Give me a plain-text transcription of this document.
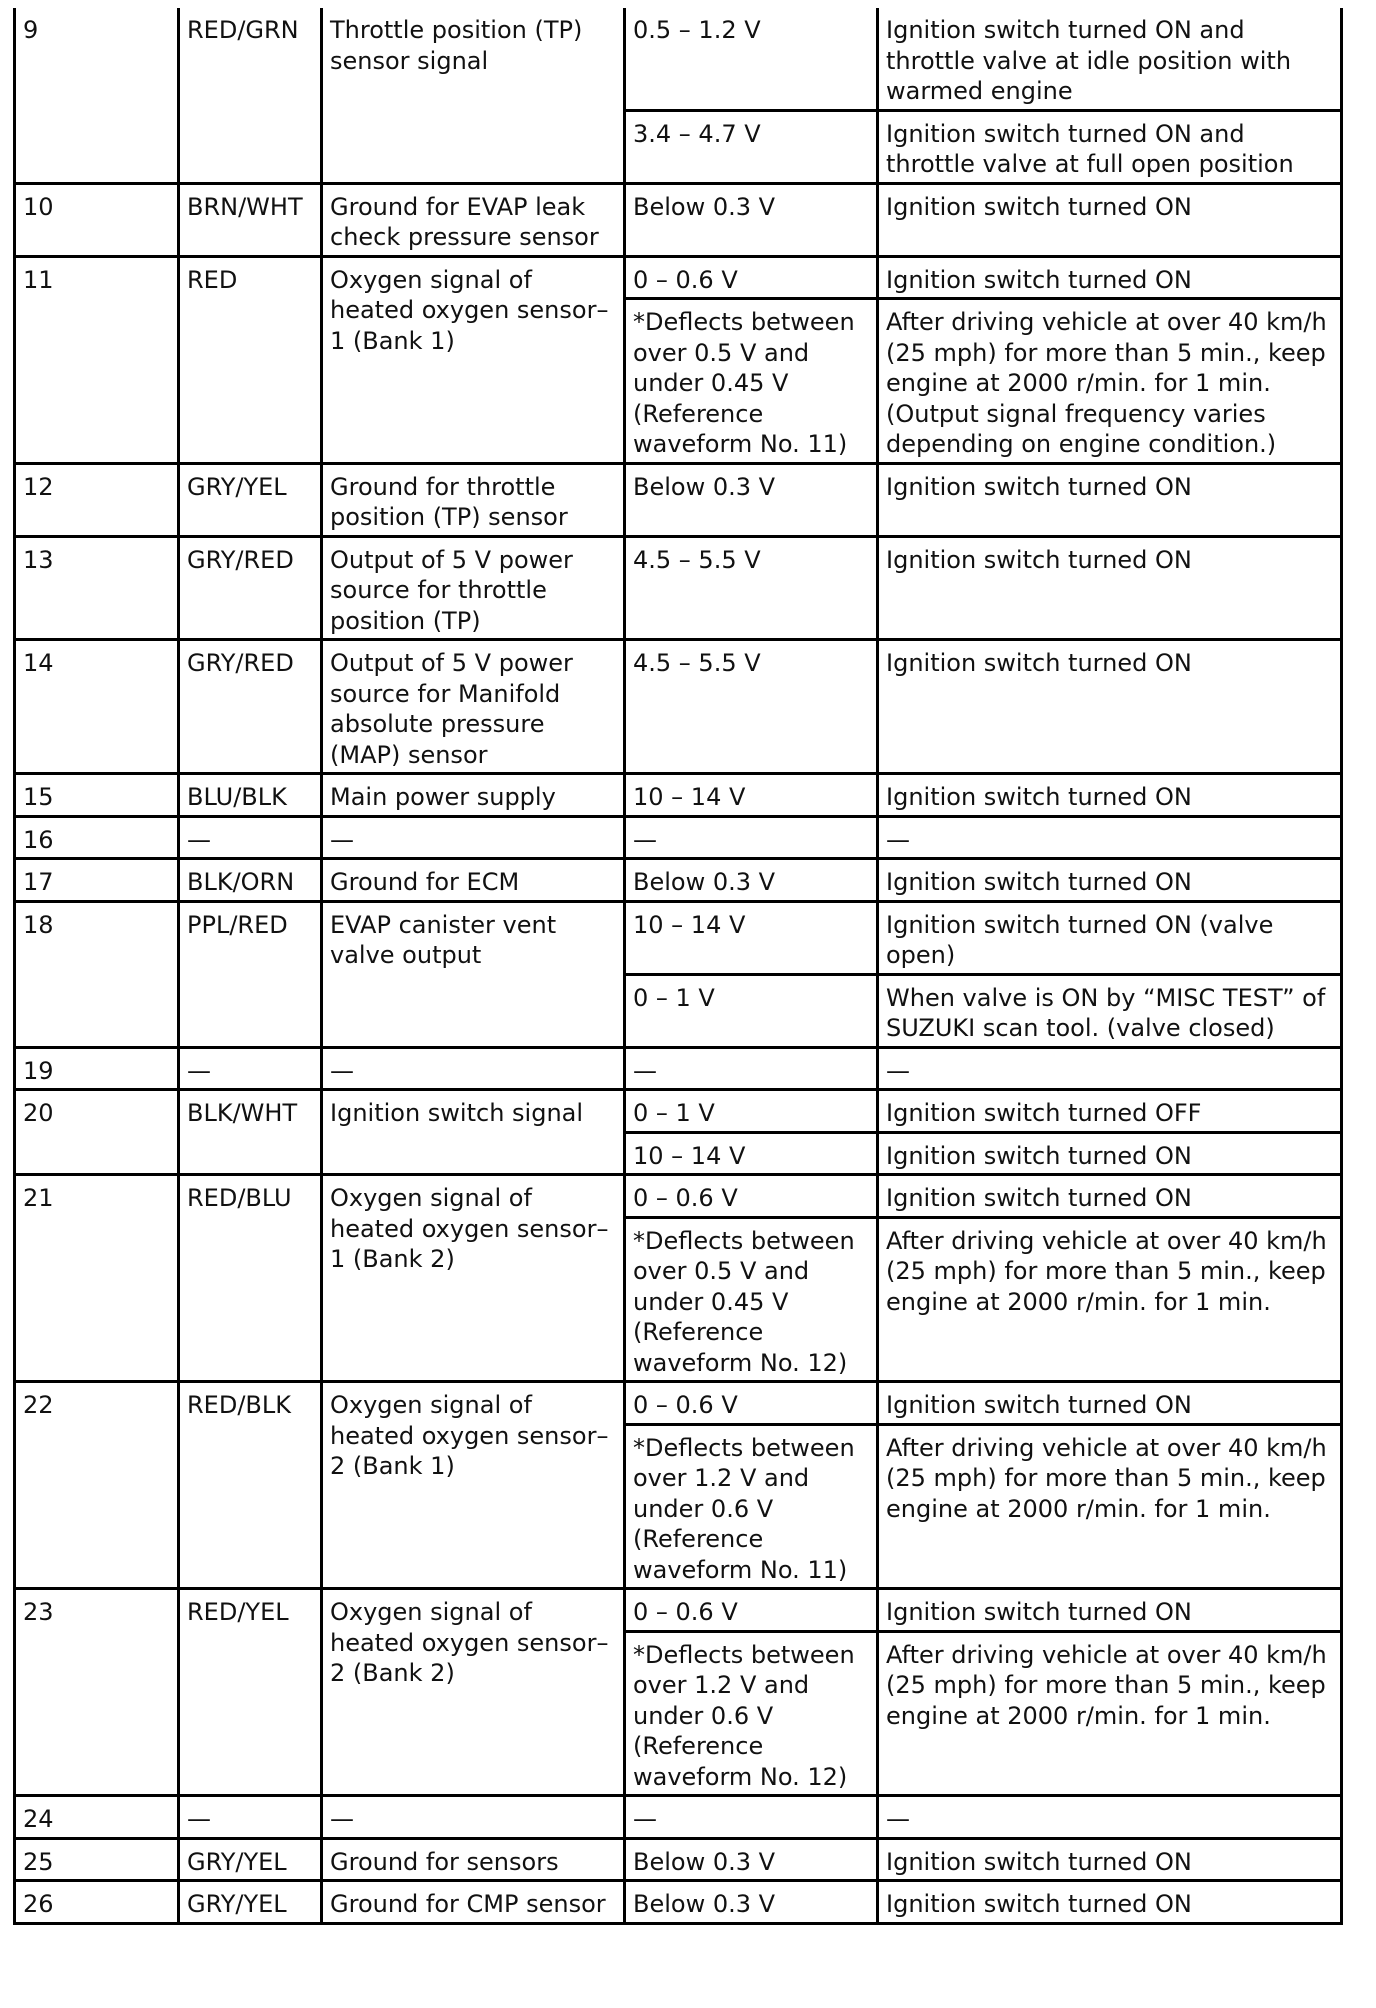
9	RED/GRN	Throttle position (TP) sensor signal	0.5 – 1.2 V	Ignition switch turned ON and throttle valve at idle position with warmed engine

			3.4 – 4.7 V	Ignition switch turned ON and throttle valve at full open position

10	BRN/WHT	Ground for EVAP leak check pressure sensor	Below 0.3 V	Ignition switch turned ON

11	RED	Oxygen signal of heated oxygen sensor–1 (Bank 1)	0 – 0.6 V	Ignition switch turned ON

			*Deflects between over 0.5 V and under 0.45 V (Reference waveform No. 11)	After driving vehicle at over 40 km/h (25 mph) for more than 5 min., keep engine at 2000 r/min. for 1 min.
(Output signal frequency varies depending on engine condition.)

12	GRY/YEL	Ground for throttle position (TP) sensor	Below 0.3 V	Ignition switch turned ON

13	GRY/RED	Output of 5 V power source for throttle position (TP)	4.5 – 5.5 V	Ignition switch turned ON

14	GRY/RED	Output of 5 V power source for Manifold absolute pressure (MAP) sensor	4.5 – 5.5 V	Ignition switch turned ON

15	BLU/BLK	Main power supply	10 – 14 V	Ignition switch turned ON

16	—	—	—	—

17	BLK/ORN	Ground for ECM	Below 0.3 V	Ignition switch turned ON

18	PPL/RED	EVAP canister vent valve output	10 – 14 V	Ignition switch turned ON (valve open)

			0 – 1 V	When valve is ON by “MISC TEST” of SUZUKI scan tool. (valve closed)

19	—	—	—	—

20	BLK/WHT	Ignition switch signal	0 – 1 V	Ignition switch turned OFF

			10 – 14 V	Ignition switch turned ON

21	RED/BLU	Oxygen signal of heated oxygen sensor–1 (Bank 2)	0 – 0.6 V	Ignition switch turned ON

			*Deflects between over 0.5 V and under 0.45 V (Reference waveform No. 12)	After driving vehicle at over 40 km/h (25 mph) for more than 5 min., keep engine at 2000 r/min. for 1 min.

22	RED/BLK	Oxygen signal of heated oxygen sensor–2 (Bank 1)	0 – 0.6 V	Ignition switch turned ON

			*Deflects between over 1.2 V and under 0.6 V (Reference waveform No. 11)	After driving vehicle at over 40 km/h (25 mph) for more than 5 min., keep engine at 2000 r/min. for 1 min.

23	RED/YEL	Oxygen signal of heated oxygen sensor–2 (Bank 2)	0 – 0.6 V	Ignition switch turned ON

			*Deflects between over 1.2 V and under 0.6 V (Reference waveform No. 12)	After driving vehicle at over 40 km/h (25 mph) for more than 5 min., keep engine at 2000 r/min. for 1 min.

24	—	—	—	—

25	GRY/YEL	Ground for sensors	Below 0.3 V	Ignition switch turned ON

26	GRY/YEL	Ground for CMP sensor	Below 0.3 V	Ignition switch turned ON
